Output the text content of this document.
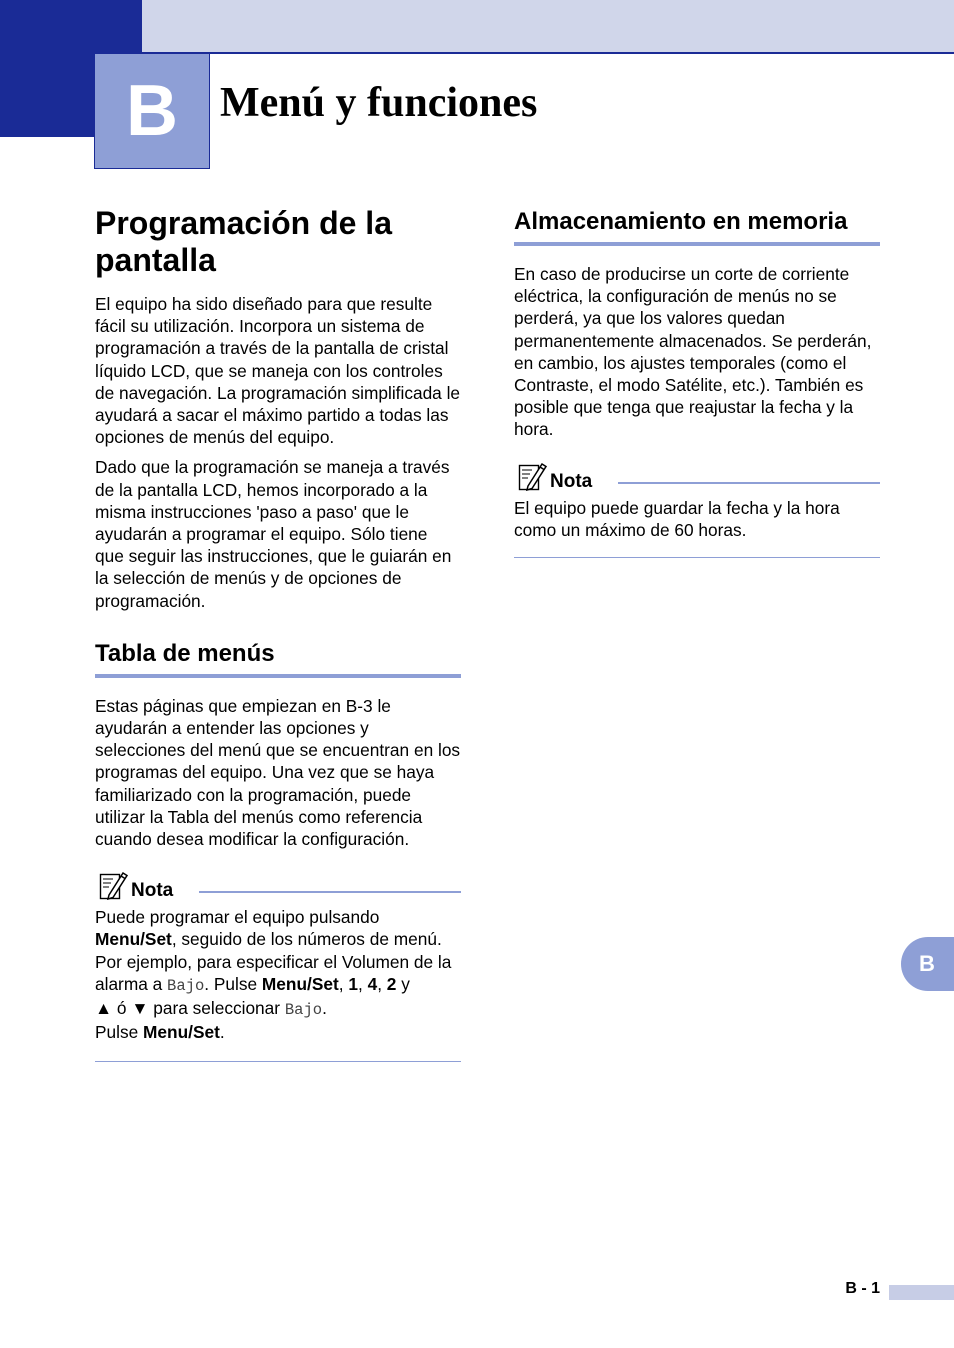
B	Menú y funciones
Programación de la pantalla

El equipo ha sido diseñado para que resulte fácil su utilización. Incorpora un sistema de programación a través de la pantalla de cristal líquido LCD, que se maneja con los controles de navegación. La programación simplificada le ayudará a sacar el máximo partido a todas las opciones de menús del equipo.

Dado que la programación se maneja a través de la pantalla LCD, hemos incorporado a la misma instrucciones 'paso a paso' que le ayudarán a programar el equipo. Sólo tiene que seguir las instrucciones, que le guiarán en la selección de menús y de opciones de programación.

Tabla de menús

Estas páginas que empiezan en B-3 le ayudarán a entender las opciones y selecciones del menú que se encuentran en los programas del equipo. Una vez que se haya familiarizado con la programación, puede utilizar la Tabla del menús como referencia cuando desea modificar la configuración.

Nota

Puede programar el equipo pulsando Menu/Set, seguido de los números de menú. Por ejemplo, para especificar el Volumen de la alarma a Bajo. Pulse Menu/Set, 1, 4, 2 y
▲ ó ▼ para seleccionar Bajo.
Pulse Menu/Set.

Almacenamiento en memoria

En caso de producirse un corte de corriente eléctrica, la configuración de menús no se perderá, ya que los valores quedan permanentemente almacenados. Se perderán, en cambio, los ajustes temporales (como el Contraste, el modo Satélite, etc.). También es posible que tenga que reajustar la fecha y la hora.

Nota

El equipo puede guardar la fecha y la hora como un máximo de 60 horas.

B
B - 1
